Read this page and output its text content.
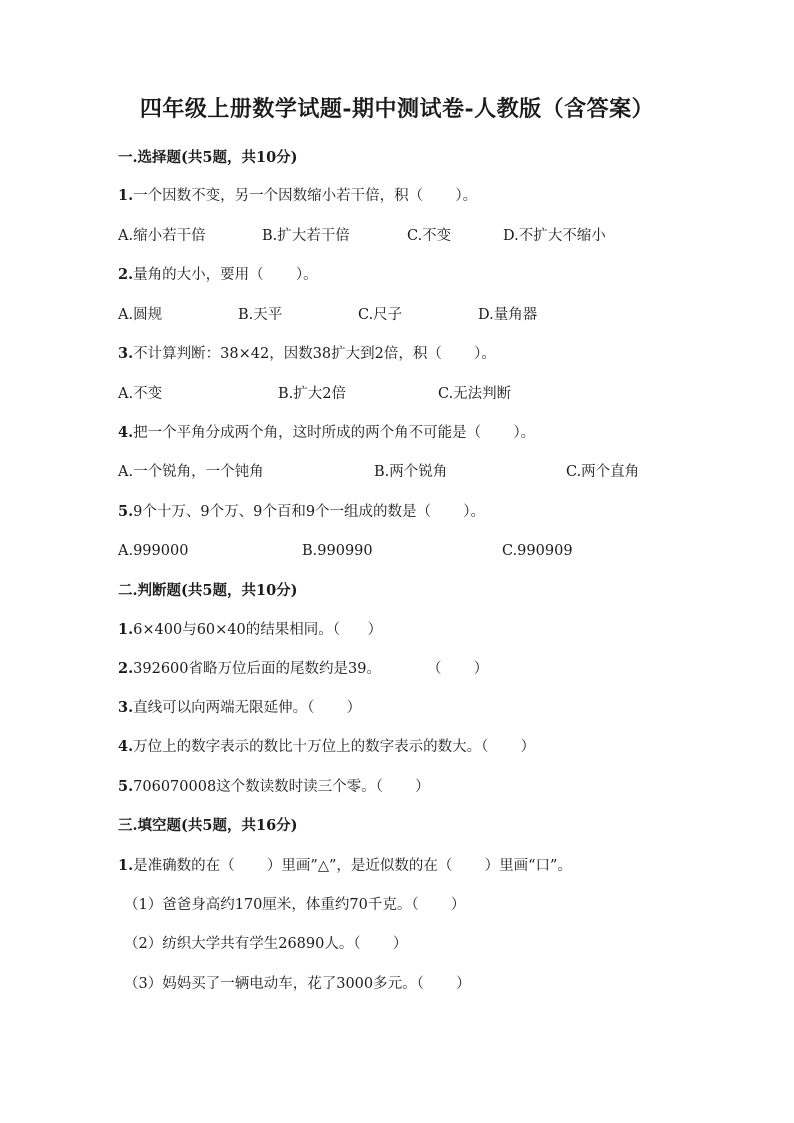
四年级上册数学试题-期中测试卷-人教版（含答案）
一.选择题(共5题，共10分)
1.一个因数不变，另一个因数缩小若干倍，积（       ）。
A.缩小若干倍	B.扩大若干倍	C.不变	D.不扩大不缩小
2.量角的大小，要用（       ）。
A.圆规	B.天平	C.尺子	D.量角器
3.不计算判断：38×42，因数38扩大到2倍，积（       ）。
A.不变	B.扩大2倍	C.无法判断
4.把一个平角分成两个角，这时所成的两个角不可能是（       ）。
A.一个锐角，一个钝角	B.两个锐角	C.两个直角
5.9个十万、9个万、9个百和9个一组成的数是（       ）。
A.999000	B.990990	C.990909
二.判断题(共5题，共10分)
1.6×400与60×40的结果相同。（      ）
2.392600省略万位后面的尾数约是39。          （       ）
3.直线可以向两端无限延伸。（       ）
4.万位上的数字表示的数比十万位上的数字表示的数大。（       ）
5.706070008这个数读数时读三个零。（       ）
三.填空题(共5题，共16分)
1.是准确数的在（       ）里画”△”，是近似数的在（       ）里画“口”。
（1）爸爸身高约170厘米，体重约70千克。（       ）
（2）纺织大学共有学生26890人。（       ）
（3）妈妈买了一辆电动车，花了3000多元。（       ）
